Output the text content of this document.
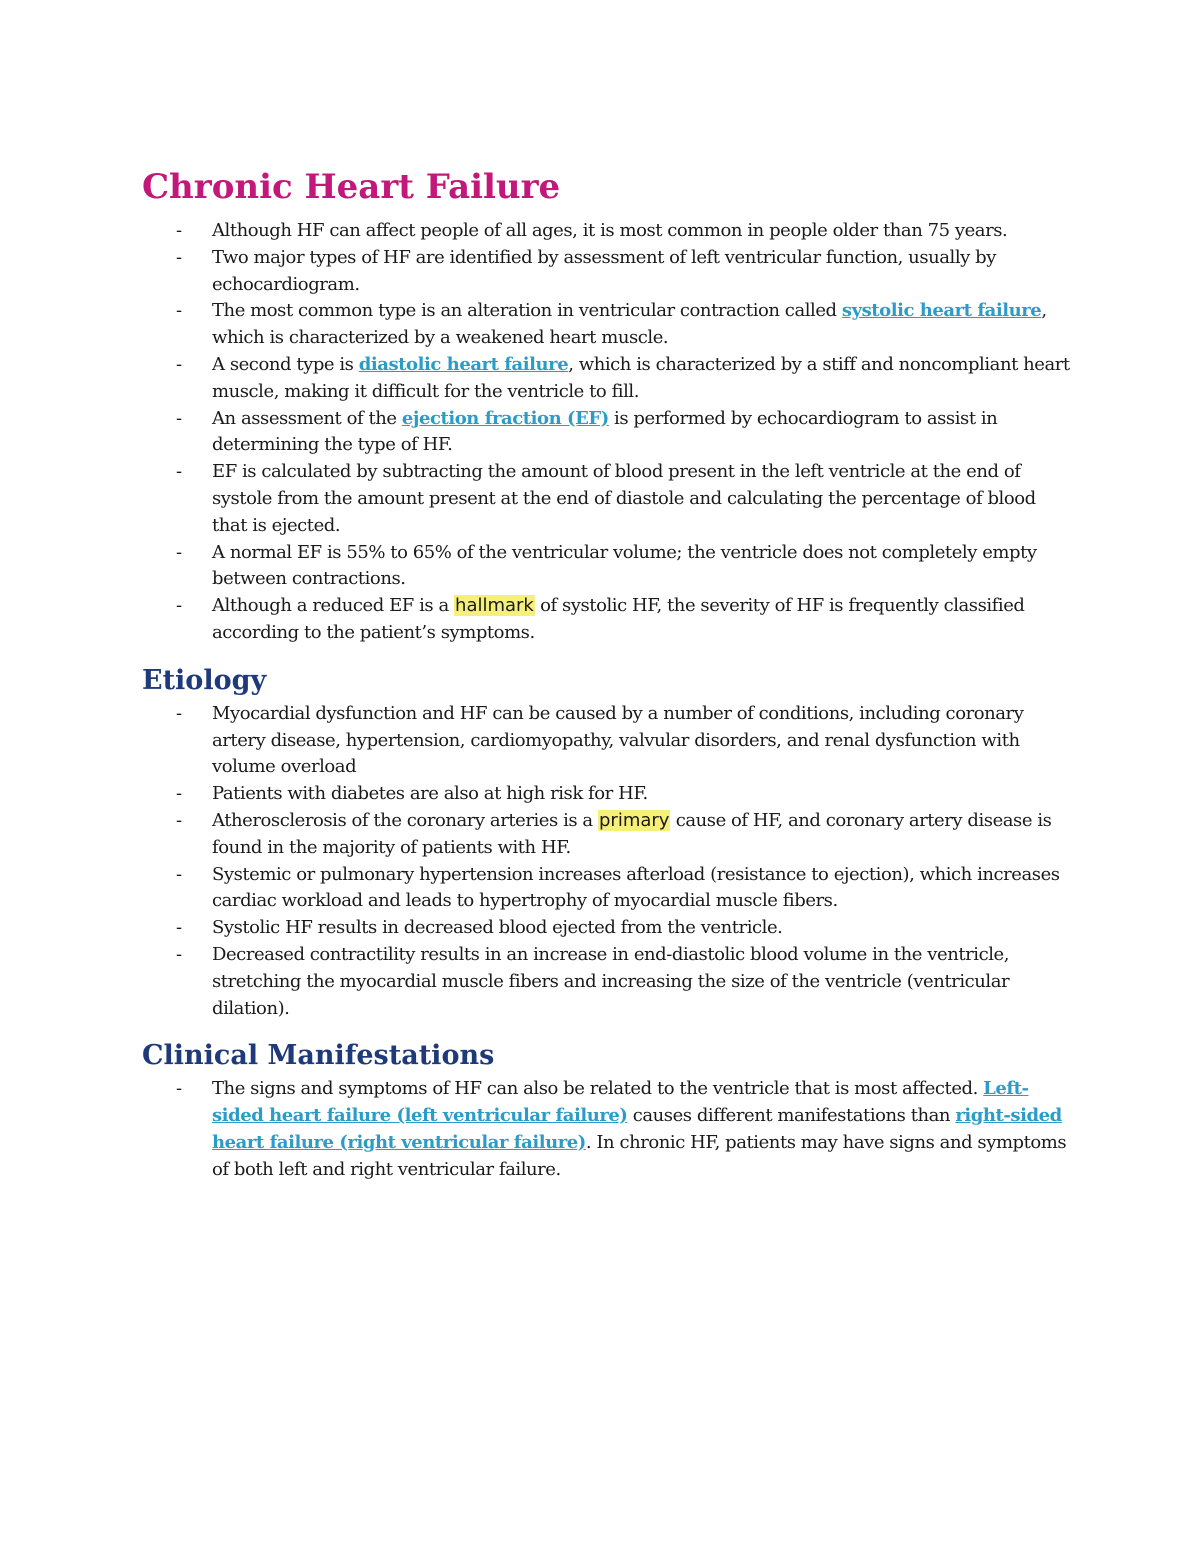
Chronic Heart Failure
- Although HF can affect people of all ages, it is most common in people older than 75 years.
- Two major types of HF are identified by assessment of left ventricular function, usually by echocardiogram.
- The most common type is an alteration in ventricular contraction called systolic heart failure, which is characterized by a weakened heart muscle.
- A second type is diastolic heart failure, which is characterized by a stiff and noncompliant heart muscle, making it difficult for the ventricle to fill.
- An assessment of the ejection fraction (EF) is performed by echocardiogram to assist in determining the type of HF.
- EF is calculated by subtracting the amount of blood present in the left ventricle at the end of systole from the amount present at the end of diastole and calculating the percentage of blood that is ejected.
- A normal EF is 55% to 65% of the ventricular volume; the ventricle does not completely empty between contractions.
- Although a reduced EF is a hallmark of systolic HF, the severity of HF is frequently classified according to the patient’s symptoms.
Etiology
- Myocardial dysfunction and HF can be caused by a number of conditions, including coronary artery disease, hypertension, cardiomyopathy, valvular disorders, and renal dysfunction with volume overload
- Patients with diabetes are also at high risk for HF.
- Atherosclerosis of the coronary arteries is a primary cause of HF, and coronary artery disease is found in the majority of patients with HF.
- Systemic or pulmonary hypertension increases afterload (resistance to ejection), which increases cardiac workload and leads to hypertrophy of myocardial muscle fibers.
- Systolic HF results in decreased blood ejected from the ventricle.
- Decreased contractility results in an increase in end-diastolic blood volume in the ventricle, stretching the myocardial muscle fibers and increasing the size of the ventricle (ventricular dilation).
Clinical Manifestations
- The signs and symptoms of HF can also be related to the ventricle that is most affected. Left-sided heart failure (left ventricular failure) causes different manifestations than right-sided heart failure (right ventricular failure). In chronic HF, patients may have signs and symptoms of both left and right ventricular failure.
